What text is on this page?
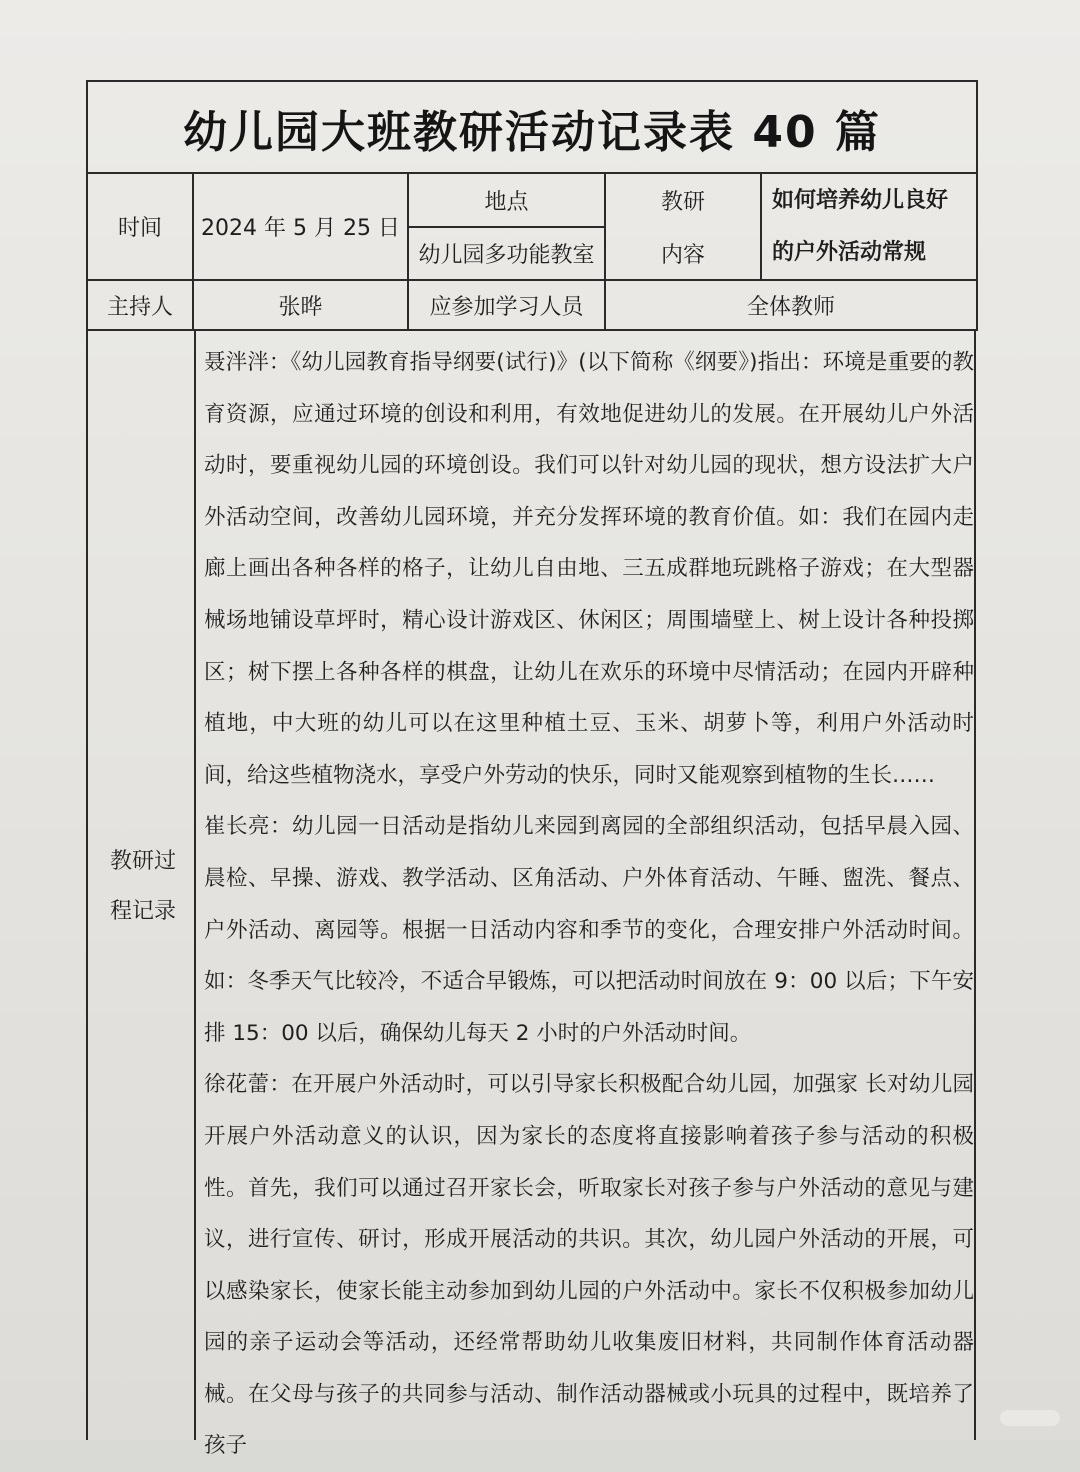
幼儿园大班教研活动记录表 40 篇
时间	2024 年 5 月 25 日	地点	教研	如何培养幼儿良好
		幼儿园多功能教室	内容	的户外活动常规
主持人	张晔	应参加学习人员	全体教师	
教研过
程记录

聂泮泮：《幼儿园教育指导纲要(试行)》(以下简称《纲要》)指出：环境是重要的教育资源，应通过环境的创设和利用，有效地促进幼儿的发展。在开展幼儿户外活动时，要重视幼儿园的环境创设。我们可以针对幼儿园的现状，想方设法扩大户外活动空间，改善幼儿园环境，并充分发挥环境的教育价值。如：我们在园内走廊上画出各种各样的格子，让幼儿自由地、三五成群地玩跳格子游戏；在大型器械场地铺设草坪时，精心设计游戏区、休闲区；周围墙壁上、树上设计各种投掷区；树下摆上各种各样的棋盘，让幼儿在欢乐的环境中尽情活动；在园内开辟种植地，中大班的幼儿可以在这里种植土豆、玉米、胡萝卜等，利用户外活动时间，给这些植物浇水，享受户外劳动的快乐，同时又能观察到植物的生长……

崔长亮：幼儿园一日活动是指幼儿来园到离园的全部组织活动，包括早晨入园、晨检、早操、游戏、教学活动、区角活动、户外体育活动、午睡、盥洗、餐点、户外活动、离园等。根据一日活动内容和季节的变化，合理安排户外活动时间。如：冬季天气比较冷，不适合早锻炼，可以把活动时间放在 9：00 以后；下午安排 15：00 以后，确保幼儿每天 2 小时的户外活动时间。

徐花蕾：在开展户外活动时，可以引导家长积极配合幼儿园，加强家 长对幼儿园开展户外活动意义的认识，因为家长的态度将直接影响着孩子参与活动的积极性。首先，我们可以通过召开家长会，听取家长对孩子参与户外活动的意见与建议，进行宣传、研讨，形成开展活动的共识。其次，幼儿园户外活动的开展，可以感染家长，使家长能主动参加到幼儿园的户外活动中。家长不仅积极参加幼儿园的亲子运动会等活动，还经常帮助幼儿收集废旧材料，共同制作体育活动器械。在父母与孩子的共同参与活动、制作活动器械或小玩具的过程中，既培养了孩子
